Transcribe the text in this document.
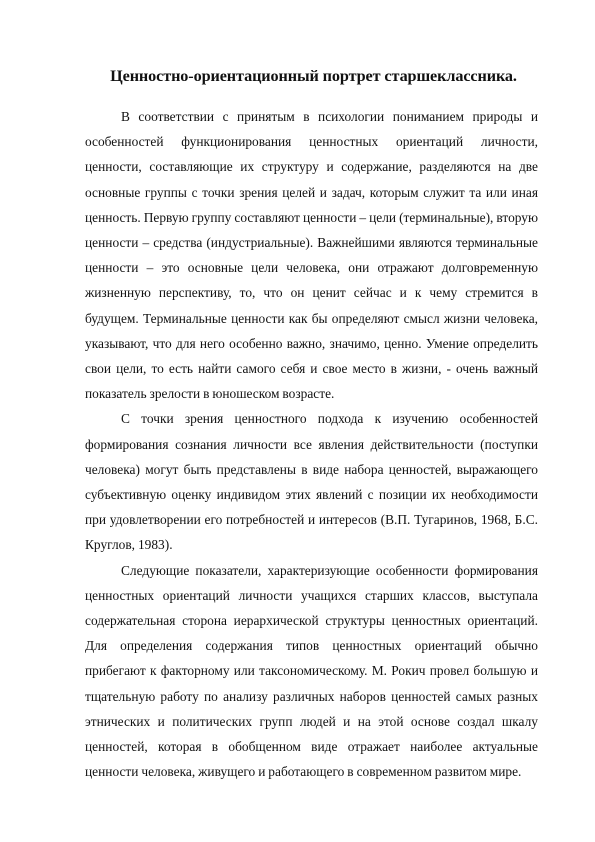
Ценностно-ориентационный портрет старшеклассника.

В соответствии с принятым в психологии пониманием природы и особенностей функционирования ценностных ориентаций личности, ценности, составляющие их структуру и содержание, разделяются на две основные группы с точки зрения целей и задач, которым служит та или иная ценность. Первую группу составляют ценности – цели (терминальные), вторую ценности – средства (индустриальные). Важнейшими являются терминальные ценности – это основные цели человека, они отражают долговременную жизненную перспективу, то, что он ценит сейчас и к чему стремится в будущем. Терминальные ценности как бы определяют смысл жизни человека, указывают, что для него особенно важно, значимо, ценно. Умение определить свои цели, то есть найти самого себя и свое место в жизни, - очень важный показатель зрелости в юношеском возрасте.

С точки зрения ценностного подхода к изучению особенностей формирования сознания личности все явления действительности (поступки человека) могут быть представлены в виде набора ценностей, выражающего субъективную оценку индивидом этих явлений с позиции их необходимости при удовлетворении его потребностей и интересов (В.П. Тугаринов, 1968, Б.С. Круглов, 1983).

Следующие показатели, характеризующие особенности формирования ценностных ориентаций личности учащихся старших классов, выступала содержательная сторона иерархической структуры ценностных ориентаций. Для определения содержания типов ценностных ориентаций обычно прибегают к факторному или таксономическому. М. Рокич провел большую и тщательную работу по анализу различных наборов ценностей самых разных этнических и политических групп людей и на этой основе создал шкалу ценностей, которая в обобщенном виде отражает наиболее актуальные ценности человека, живущего и работающего в современном развитом мире.
